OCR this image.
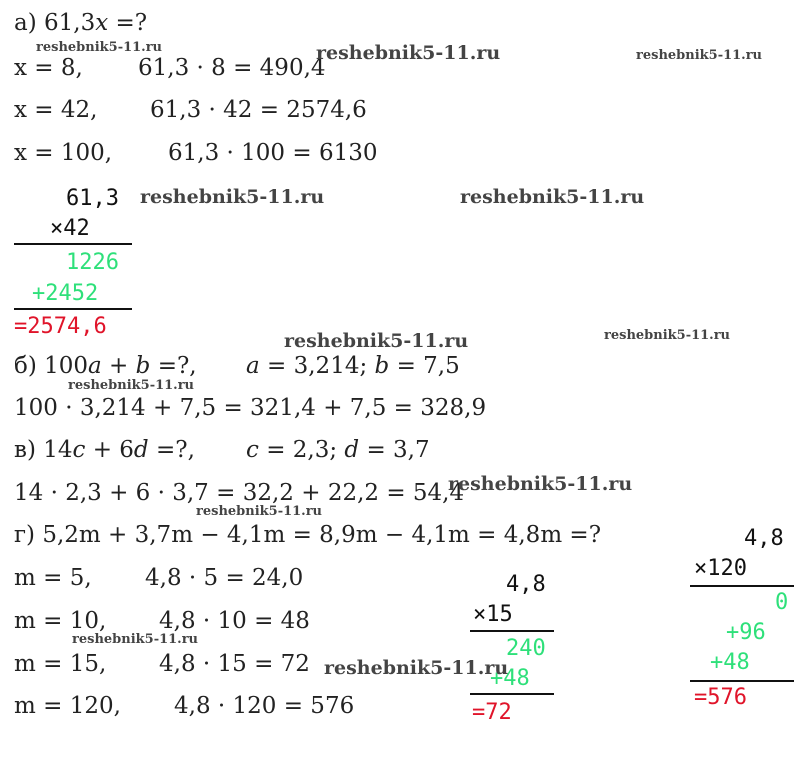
а) 61,3x =?
x = 8, 61,3 · 8 = 490,4
x = 42, 61,3 · 42 = 2574,6
x = 100, 61,3 · 100 = 6130
61,3
×42
1226
+2452
=2574,6
б) 100a + b =?, a = 3,214; b = 7,5
100 · 3,214 + 7,5 = 321,4 + 7,5 = 328,9
в) 14c + 6d =?, c = 2,3; d = 3,7
14 · 2,3 + 6 · 3,7 = 32,2 + 22,2 = 54,4
г) 5,2m + 3,7m − 4,1m = 8,9m − 4,1m = 4,8m =?
m = 5, 4,8 · 5 = 24,0
m = 10, 4,8 · 10 = 48
m = 15, 4,8 · 15 = 72
m = 120, 4,8 · 120 = 576
4,8
×15
240
+48
=72
4,8
×120
0
+96
+48
=576
reshebnik5-11.ru	reshebnik5-11.ru	reshebnik5-11.ru
reshebnik5-11.ru	reshebnik5-11.ru
reshebnik5-11.ru	reshebnik5-11.ru
reshebnik5-11.ru
reshebnik5-11.ru
reshebnik5-11.ru
reshebnik5-11.ru
reshebnik5-11.ru
